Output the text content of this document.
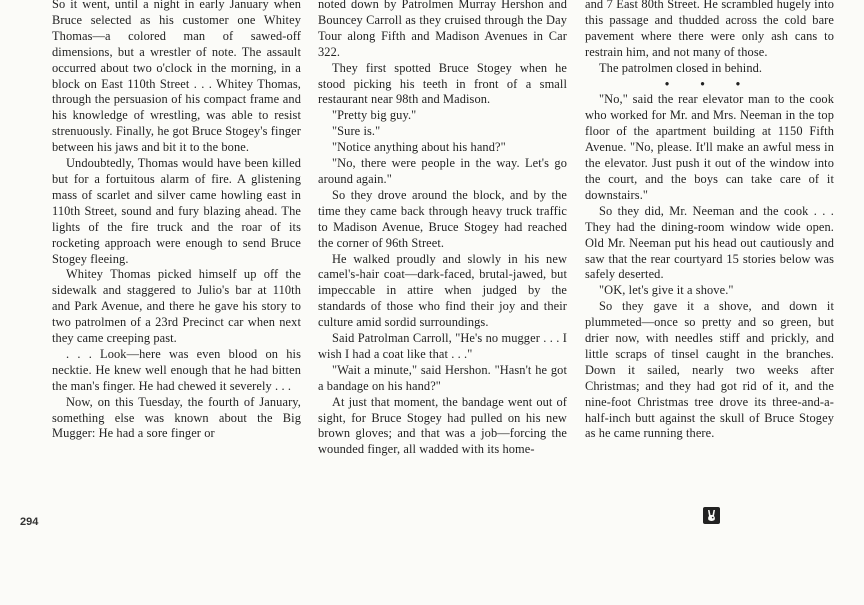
So it went, until a night in early January when Bruce selected as his customer one Whitey Thomas—a colored man of sawed-off dimensions, but a wrestler of note. The assault occurred about two o'clock in the morning, in a block on East 110th Street . . . Whitey Thomas, through the persuasion of his compact frame and his knowledge of wrestling, was able to resist strenuously. Finally, he got Bruce Stogey's finger between his jaws and bit it to the bone.

Undoubtedly, Thomas would have been killed but for a fortuitous alarm of fire. A glistening mass of scarlet and silver came howling east in 110th Street, sound and fury blazing ahead. The lights of the fire truck and the roar of its rocketing approach were enough to send Bruce Stogey fleeing.

Whitey Thomas picked himself up off the sidewalk and staggered to Julio's bar at 110th and Park Avenue, and there he gave his story to two patrolmen of a 23rd Precinct car when next they came creeping past.

. . . Look—here was even blood on his necktie. He knew well enough that he had bitten the man's finger. He had chewed it severely . . .

Now, on this Tuesday, the fourth of January, something else was known about the Big Mugger: He had a sore finger or

noted down by Patrolmen Murray Hershon and Bouncey Carroll as they cruised through the Day Tour along Fifth and Madison Avenues in Car 322.

They first spotted Bruce Stogey when he stood picking his teeth in front of a small restaurant near 98th and Madison.

"Pretty big guy."

"Sure is."

"Notice anything about his hand?"

"No, there were people in the way. Let's go around again."

So they drove around the block, and by the time they came back through heavy truck traffic to Madison Avenue, Bruce Stogey had reached the corner of 96th Street.

He walked proudly and slowly in his new camel's-hair coat—dark-faced, brutal-jawed, but impeccable in attire when judged by the standards of those who find their joy and their culture amid sordid surroundings.

Said Patrolman Carroll, "He's no mugger . . . I wish I had a coat like that . . ."

"Wait a minute," said Hershon. "Hasn't he got a bandage on his hand?"

At just that moment, the bandage went out of sight, for Bruce Stogey had pulled on his new brown gloves; and that was a job—forcing the wounded finger, all wadded with its home-

and 7 East 80th Street. He scrambled hugely into this passage and thudded across the cold bare pavement where there were only ash cans to restrain him, and not many of those.

The patrolmen closed in behind.

• • •

"No," said the rear elevator man to the cook who worked for Mr. and Mrs. Neeman in the top floor of the apartment building at 1150 Fifth Avenue. "No, please. It'll make an awful mess in the elevator. Just push it out of the window into the court, and the boys can take care of it downstairs."

So they did, Mr. Neeman and the cook . . . They had the dining-room window wide open. Old Mr. Neeman put his head out cautiously and saw that the rear courtyard 15 stories below was safely deserted.

"OK, let's give it a shove."

So they gave it a shove, and down it plummeted—once so pretty and so green, but drier now, with needles stiff and prickly, and little scraps of tinsel caught in the branches. Down it sailed, nearly two weeks after Christmas; and they had got rid of it, and the nine-foot Christmas tree drove its three-and-a-half-inch butt against the skull of Bruce Stogey as he came running there.

294
